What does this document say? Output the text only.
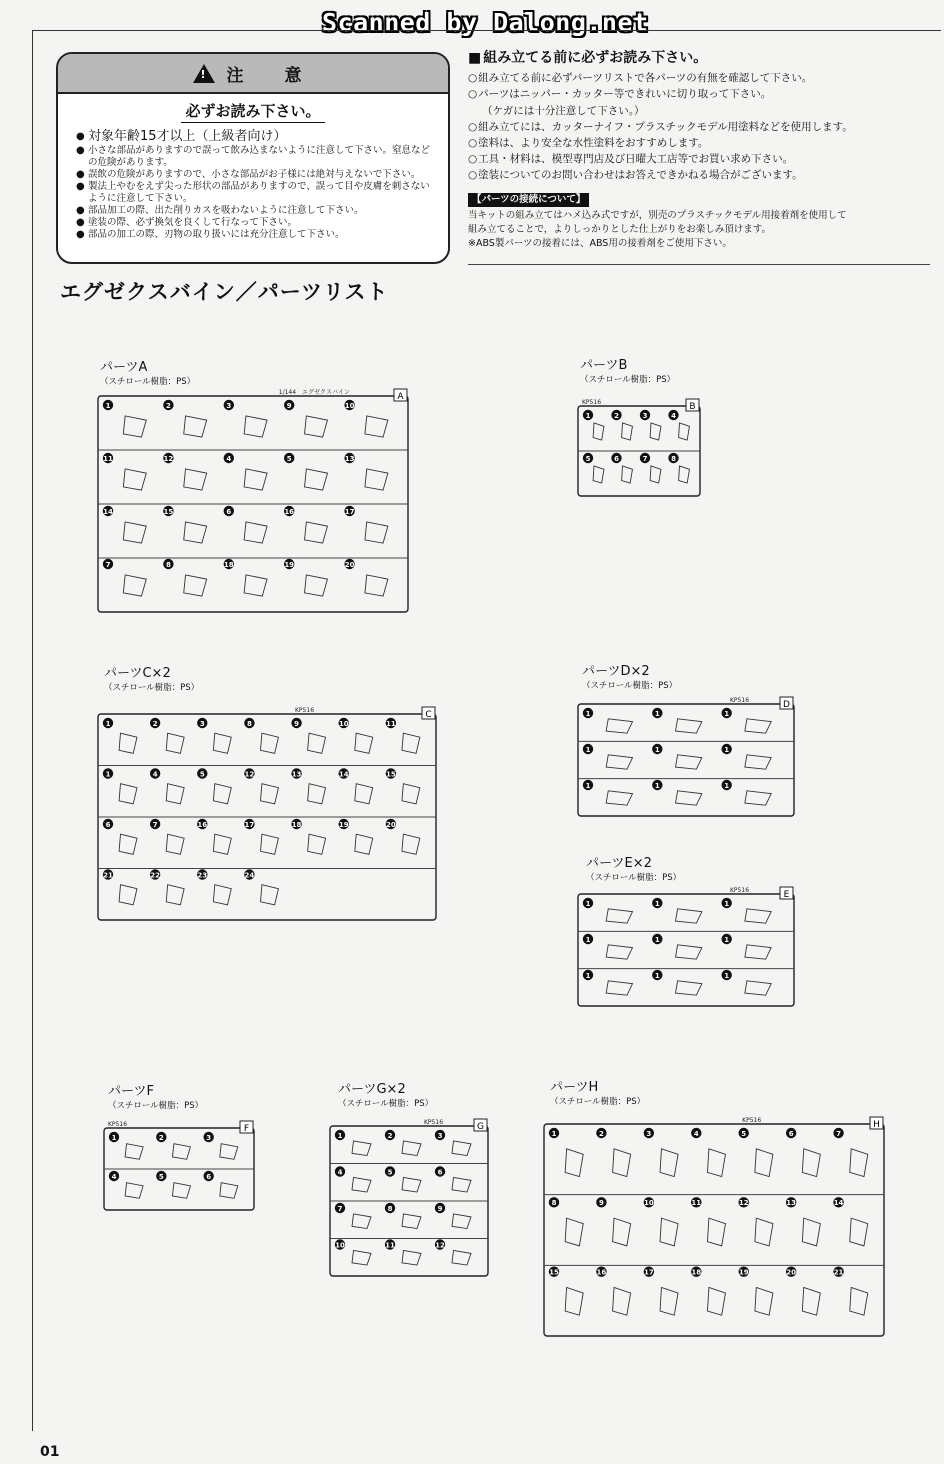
Scanned by Dalong.net
!
注　意
必ずお読み下さい。
● 対象年齢15才以上（上級者向け）
● 小さな部品がありますので誤って飲み込まないように注意して下さい。窒息などの危険があります。
● 誤飲の危険がありますので、小さな部品がお子様には絶対与えないで下さい。
● 製法上やむをえず尖った形状の部品がありますので、誤って目や皮膚を刺さないように注意して下さい。
● 部品加工の際、出た削りカスを吸わないように注意して下さい。
● 塗装の際、必ず換気を良くして行なって下さい。
● 部品の加工の際、刃物の取り扱いには充分注意して下さい。
■ 組み立てる前に必ずお読み下さい。
○ 組み立てる前に必ずパーツリストで各パーツの有無を確認して下さい。
○ パーツはニッパー・カッター等できれいに切り取って下さい。
（ケガには十分注意して下さい。）
○ 組み立てには、カッターナイフ・プラスチックモデル用塗料などを使用します。
○ 塗料は、より安全な水性塗料をおすすめします。
○ 工具・材料は、模型専門店及び日曜大工店等でお買い求め下さい。
○ 塗装についてのお問い合わせはお答えできかねる場合がございます。
【パーツの接続について】
当キットの組み立てはハメ込み式ですが，別売のプラスチックモデル用接着剤を使用して
組み立てることで，よりしっかりとした仕上がりをお楽しみ頂けます。
※ABS製パーツの接着には、ABS用の接着剤をご使用下さい。
エグゼクスバイン／パーツリスト
パーツA
（スチロール樹脂：PS）
パーツB
（スチロール樹脂：PS）
パーツC×2
（スチロール樹脂：PS）
パーツD×2
（スチロール樹脂：PS）
パーツE×2
（スチロール樹脂：PS）
パーツF
（スチロール樹脂：PS）
パーツG×2
（スチロール樹脂：PS）
パーツH
（スチロール樹脂：PS）
A
1/144　エグゼクスバイン
1	2	3	9	10
11	12	4	5	13
14	15	6	16	17
7	8	18	19	20
B
KP516
1	2	3	4
5	6	7	8
C
KP516
1	2	3	8	9	10	11
1	4	5	12	13	14	15
6	7	16	17	18	19	20
21	22	23	24
D
KP516
1	1	1
1	1	1
1	1	1
E
KP516
1	1	1
1	1	1
1	1	1
F
KP516
1	2	3
4	5	6
G
KP516
1	2	3
4	5	6
7	8	9
10	11	12
H
KP516
1	2	3	4	5	6	7
8	9	10	11	12	13	14
15	16	17	18	19	20	21
01
